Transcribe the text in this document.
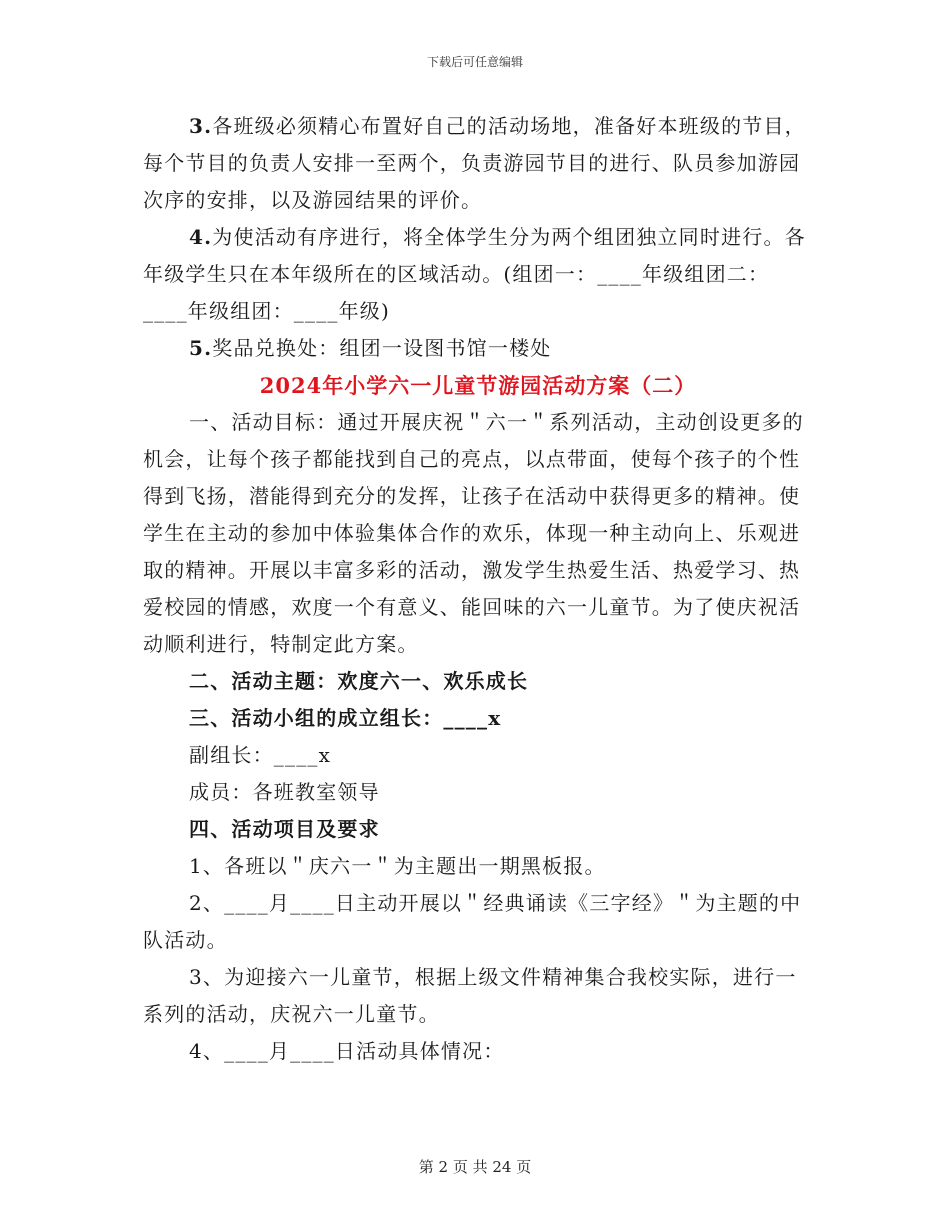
下载后可任意编辑

3.各班级必须精心布置好自己的活动场地，准备好本班级的节目，每个节目的负责人安排一至两个，负责游园节目的进行、队员参加游园次序的安排，以及游园结果的评价。

4.为使活动有序进行，将全体学生分为两个组团独立同时进行。各年级学生只在本年级所在的区域活动。(组团一：____年级组团二：____年级组团：____年级)

5.奖品兑换处：组团一设图书馆一楼处

2024年小学六一儿童节游园活动方案（二）

一、活动目标：通过开展庆祝＂六一＂系列活动，主动创设更多的机会，让每个孩子都能找到自己的亮点，以点带面，使每个孩子的个性得到飞扬，潜能得到充分的发挥，让孩子在活动中获得更多的精神。使学生在主动的参加中体验集体合作的欢乐，体现一种主动向上、乐观进取的精神。开展以丰富多彩的活动，激发学生热爱生活、热爱学习、热爱校园的情感，欢度一个有意义、能回味的六一儿童节。为了使庆祝活动顺利进行，特制定此方案。

二、活动主题：欢度六一、欢乐成长

三、活动小组的成立组长：____x

副组长：____x

成员：各班教室领导

四、活动项目及要求

1、各班以＂庆六一＂为主题出一期黑板报。

2、____月____日主动开展以＂经典诵读《三字经》＂为主题的中队活动。

3、为迎接六一儿童节，根据上级文件精神集合我校实际，进行一系列的活动，庆祝六一儿童节。

4、____月____日活动具体情况：

第 2 页 共 24 页
